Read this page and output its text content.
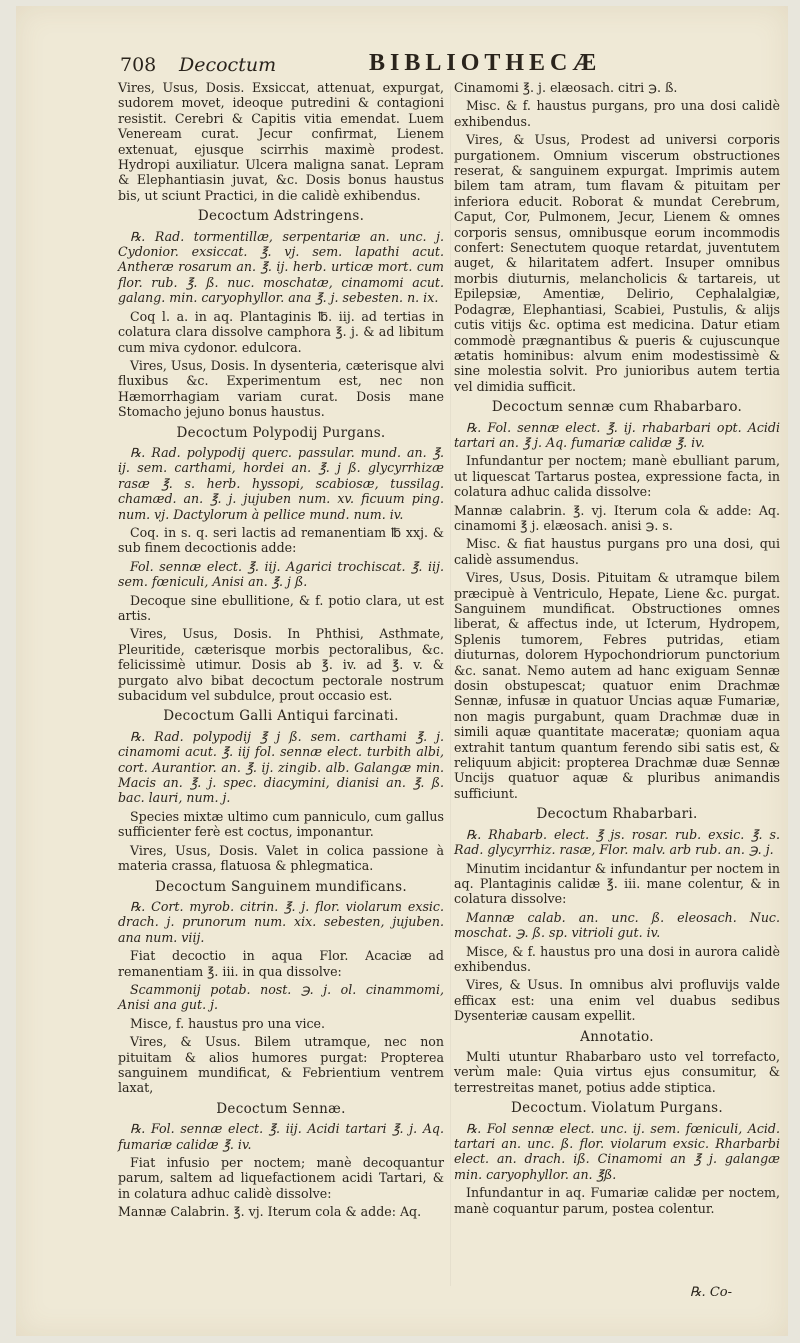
708 Decoctum	BIBLIOTHECÆ

Vires, Usus, Dosis. Exsiccat, attenuat, expurgat, sudorem movet, ideoque putredini & contagioni resistit. Cerebri & Capitis vitia emendat. Luem Veneream curat. Jecur confirmat, Lienem extenuat, ejusque scirrhis maximè prodest. Hydropi auxiliatur. Ulcera maligna sanat. Lepram & Elephantiasin juvat, &c. Dosis bonus haustus bis, ut sciunt Practici, in die calidè exhibendus.

Decoctum Adstringens.

℞. Rad. tormentillæ, serpentariæ an. unc. j. Cydonior. exsiccat. ℥. vj. sem. lapathi acut. Antheræ rosarum an. ℥. ij. herb. urticæ mort. cum flor. rub. ℥. ß. nuc. moschatæ, cinamomi acut. galang. min. caryophyllor. ana ℥. j. sebesten. n. ix.

Coq l. a. in aq. Plantaginis ℔. iij. ad tertias in colatura clara dissolve camphora ℥. j. & ad libitum cum miva cydonor. edulcora.

Vires, Usus, Dosis. In dysenteria, cæterisque alvi fluxibus &c. Experimentum est, nec non Hæmorrhagiam variam curat. Dosis mane Stomacho jejuno bonus haustus.

Decoctum Polypodij Purgans.

℞. Rad. polypodij querc. passular. mund. an. ℥. ij. sem. carthami, hordei an. ℥. j ß. glycyrrhizæ rasæ ℥. s. herb. hyssopi, scabiosæ, tussilag. chamæd. an. ℥. j. jujuben num. xv. ficuum ping. num. vj. Dactylorum à pellice mund. num. iv.

Coq. in s. q. seri lactis ad remanentiam ℔ xxj. & sub finem decoctionis adde:

Fol. sennæ elect. ℥. iij. Agarici trochiscat. ℥. iij. sem. fœniculi, Anisi an. ℥. j ß.

Decoque sine ebullitione, & f. potio clara, ut est artis.

Vires, Usus, Dosis. In Phthisi, Asthmate, Pleuritide, cæterisque morbis pectoralibus, &c. felicissimè utimur. Dosis ab ℥. iv. ad ℥. v. & purgato alvo bibat decoctum pectorale nostrum subacidum vel subdulce, prout occasio est.

Decoctum Galli Antiqui farcinati.

℞. Rad. polypodij ℥ j ß. sem. carthami ℥. j. cinamomi acut. ℥. iij fol. sennæ elect. turbith albi, cort. Aurantior. an. ℥. ij. zingib. alb. Galangæ min. Macis an. ℥. j. spec. diacymini, dianisi an. ℥. ß. bac. lauri, num. j.

Species mixtæ ultimo cum panniculo, cum gallus sufficienter ferè est coctus, imponantur.

Vires, Usus, Dosis. Valet in colica passione à materia crassa, flatuosa & phlegmatica.

Decoctum Sanguinem mundificans.

℞. Cort. myrob. citrin. ℥. j. flor. violarum exsic. drach. j. prunorum num. xix. sebesten, jujuben. ana num. viij.

Fiat decoctio in aqua Flor. Acaciæ ad remanentiam ℥. iii. in qua dissolve:

Scammonij potab. nost. ℈. j. ol. cinammomi, Anisi ana gut. j.

Misce, f. haustus pro una vice.

Vires, & Usus. Bilem utramque, nec non pituitam & alios humores purgat: Propterea sanguinem mundificat, & Febrientium ventrem laxat,

Decoctum Sennæ.

℞. Fol. sennæ elect. ℥. iij. Acidi tartari ℥. j. Aq. fumariæ calidæ ℥. iv.

Fiat infusio per noctem; manè decoquantur parum, saltem ad liquefactionem acidi Tartari, & in colatura adhuc calidè dissolve:

Mannæ Calabrin. ℥. vj. Iterum cola & adde: Aq.

Cinamomi ℥. j. elæosach. citri ℈. ß.

Misc. & f. haustus purgans, pro una dosi calidè exhibendus.

Vires, & Usus, Prodest ad universi corporis purgationem. Omnium viscerum obstructiones reserat, & sanguinem expurgat. Imprimis autem bilem tam atram, tum flavam & pituitam per inferiora educit. Roborat & mundat Cerebrum, Caput, Cor, Pulmonem, Jecur, Lienem & omnes corporis sensus, omnibusque eorum incommodis confert: Senectutem quoque retardat, juventutem auget, & hilaritatem adfert. Insuper omnibus morbis diuturnis, melancholicis & tartareis, ut Epilepsiæ, Amentiæ, Delirio, Cephalalgiæ, Podagræ, Elephantiasi, Scabiei, Pustulis, & alijs cutis vitijs &c. optima est medicina. Datur etiam commodè prægnantibus & pueris & cujuscunque ætatis hominibus: alvum enim modestissimè & sine molestia solvit. Pro junioribus autem tertia vel dimidia sufficit.

Decoctum sennæ cum Rhabarbaro.

℞. Fol. sennæ elect. ℥. ij. rhabarbari opt. Acidi tartari an. ℥ j. Aq. fumariæ calidæ ℥. iv.

Infundantur per noctem; manè ebulliant parum, ut liquescat Tartarus postea, expressione facta, in colatura adhuc calida dissolve:

Mannæ calabrin. ℥. vj. Iterum cola & adde: Aq. cinamomi ℥ j. elæosach. anisi ℈. s.

Misc. & fiat haustus purgans pro una dosi, qui calidè assumendus.

Vires, Usus, Dosis. Pituitam & utramque bilem præcipuè à Ventriculo, Hepate, Liene &c. purgat. Sanguinem mundificat. Obstructiones omnes liberat, & affectus inde, ut Icterum, Hydropem, Splenis tumorem, Febres putridas, etiam diuturnas, dolorem Hypochondriorum punctorium &c. sanat. Nemo autem ad hanc exiguam Sennæ dosin obstupescat; quatuor enim Drachmæ Sennæ, infusæ in quatuor Uncias aquæ Fumariæ, non magis purgabunt, quam Drachmæ duæ in simili aquæ quantitate maceratæ; quoniam aqua extrahit tantum quantum ferendo sibi satis est, & reliquum abjicit: propterea Drachmæ duæ Sennæ Uncijs quatuor aquæ & pluribus animandis sufficiunt.

Decoctum Rhabarbari.

℞. Rhabarb. elect. ℥ js. rosar. rub. exsic. ℥. s. Rad. glycyrrhiz. rasæ, Flor. malv. arb rub. an. ℈. j.

Minutim incidantur & infundantur per noctem in aq. Plantaginis calidæ ℥. iii. mane colentur, & in colatura dissolve:

Mannæ calab. an. unc. ß. eleosach. Nuc. moschat. ℈. ß. sp. vitrioli gut. iv.

Misce, & f. haustus pro una dosi in aurora calidè exhibendus.

Vires, & Usus. In omnibus alvi profluvijs valde efficax est: una enim vel duabus sedibus Dysenteriæ causam expellit.

Annotatio.

Multi utuntur Rhabarbaro usto vel torrefacto, verùm male: Quia virtus ejus consumitur, & terrestreitas manet, potius adde stiptica.

Decoctum. Violatum Purgans.

℞. Fol sennæ elect. unc. ij. sem. fœniculi, Acid. tartari an. unc. ß. flor. violarum exsic. Rharbarbi elect. an. drach. iß. Cinamomi an ℥ j. galangæ min. caryophyllor. an. ℥ß.

Infundantur in aq. Fumariæ calidæ per noctem, manè coquantur parum, postea colentur.

℞. Co-
